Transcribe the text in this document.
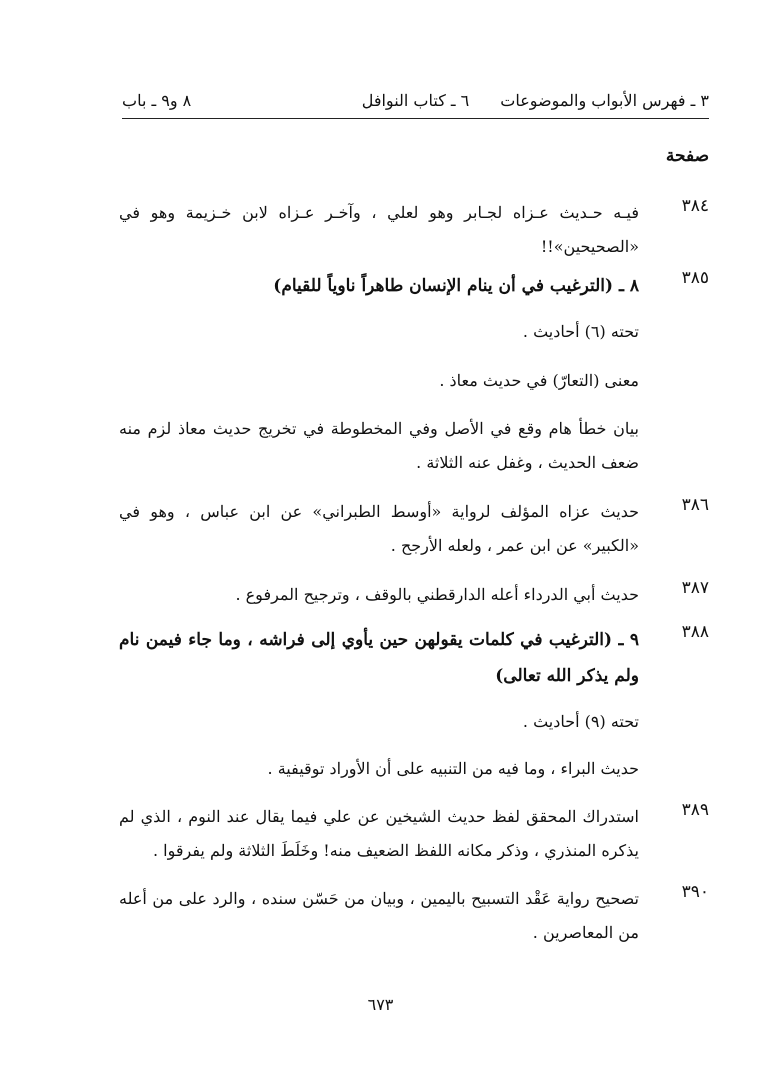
٣ ـ فهرس الأبواب والموضوعات
٦ ـ كتاب النوافل
٨ و٩ ـ باب
صفحة
٣٨٤
فيـه حـديث عـزاه لجـابر وهو لعلي ، وآخـر عـزاه لابن خـزيمة وهو في «الصحيحين»!!
٣٨٥
٨ ـ (الترغيب في أن ينام الإنسان طاهراً ناوياً للقيام)
تحته (٦) أحاديث .
معنى (التعارّ) في حديث معاذ .
بيان خطأ هام وقع في الأصل وفي المخطوطة في تخريج حديث معاذ لزم منه ضعف الحديث ، وغفل عنه الثلاثة .
٣٨٦
حديث عزاه المؤلف لرواية «أوسط الطبراني» عن ابن عباس ، وهو في «الكبير» عن ابن عمر ، ولعله الأرجح .
٣٨٧
حديث أبي الدرداء أعله الدارقطني بالوقف ، وترجيح المرفوع .
٣٨٨
٩ ـ (الترغيب في كلمات يقولهن حين يأوي إلى فراشه ، وما جاء فيمن نام ولم يذكر الله تعالى)
تحته (٩) أحاديث .
حديث البراء ، وما فيه من التنبيه على أن الأوراد توقيفية .
٣٨٩
استدراك المحقق لفظ حديث الشيخين عن علي فيما يقال عند النوم ، الذي لم يذكره المنذري ، وذكر مكانه اللفظ الضعيف منه! وخَلَطَ الثلاثة ولم يفرقوا .
٣٩٠
تصحيح رواية عَقْد التسبيح باليمين ، وبيان من حَسّن سنده ، والرد على من أعله من المعاصرين .
٦٧٣
